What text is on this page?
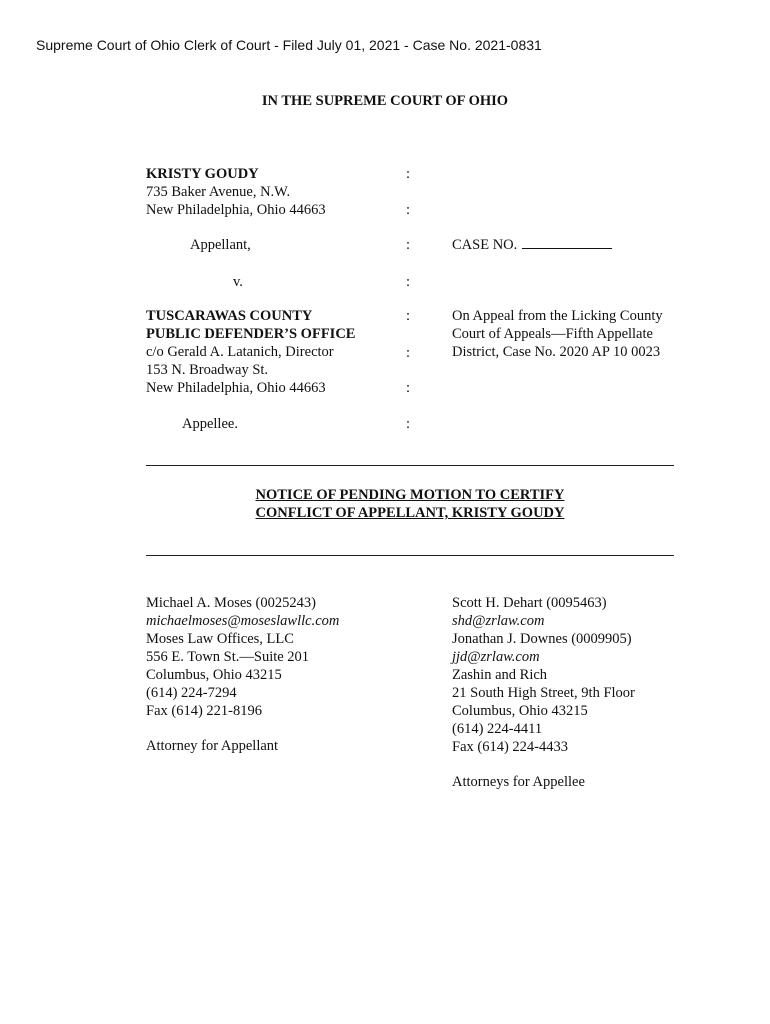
Supreme Court of Ohio Clerk of Court - Filed July 01, 2021 - Case No. 2021-0831
IN THE SUPREME COURT OF OHIO
KRISTY GOUDY
735 Baker Avenue, N.W.
New Philadelphia, Ohio 44663
Appellant,
v.
TUSCARAWAS COUNTY
PUBLIC DEFENDER’S OFFICE
c/o Gerald A. Latanich, Director
153 N. Broadway St.
New Philadelphia, Ohio 44663
Appellee.
:
:
:
:
:
:
:
:
CASE NO.
On Appeal from the Licking County
Court of Appeals—Fifth Appellate
District, Case No. 2020 AP 10 0023
NOTICE OF PENDING MOTION TO CERTIFY
CONFLICT OF APPELLANT, KRISTY GOUDY
Michael A. Moses (0025243)
michaelmoses@moseslawllc.com
Moses Law Offices, LLC
556 E. Town St.—Suite 201
Columbus, Ohio 43215
(614) 224-7294
Fax (614) 221-8196
Attorney for Appellant
Scott H. Dehart (0095463)
shd@zrlaw.com
Jonathan J. Downes (0009905)
jjd@zrlaw.com
Zashin and Rich
21 South High Street, 9th Floor
Columbus, Ohio 43215
(614) 224-4411
Fax (614) 224-4433
Attorneys for Appellee
